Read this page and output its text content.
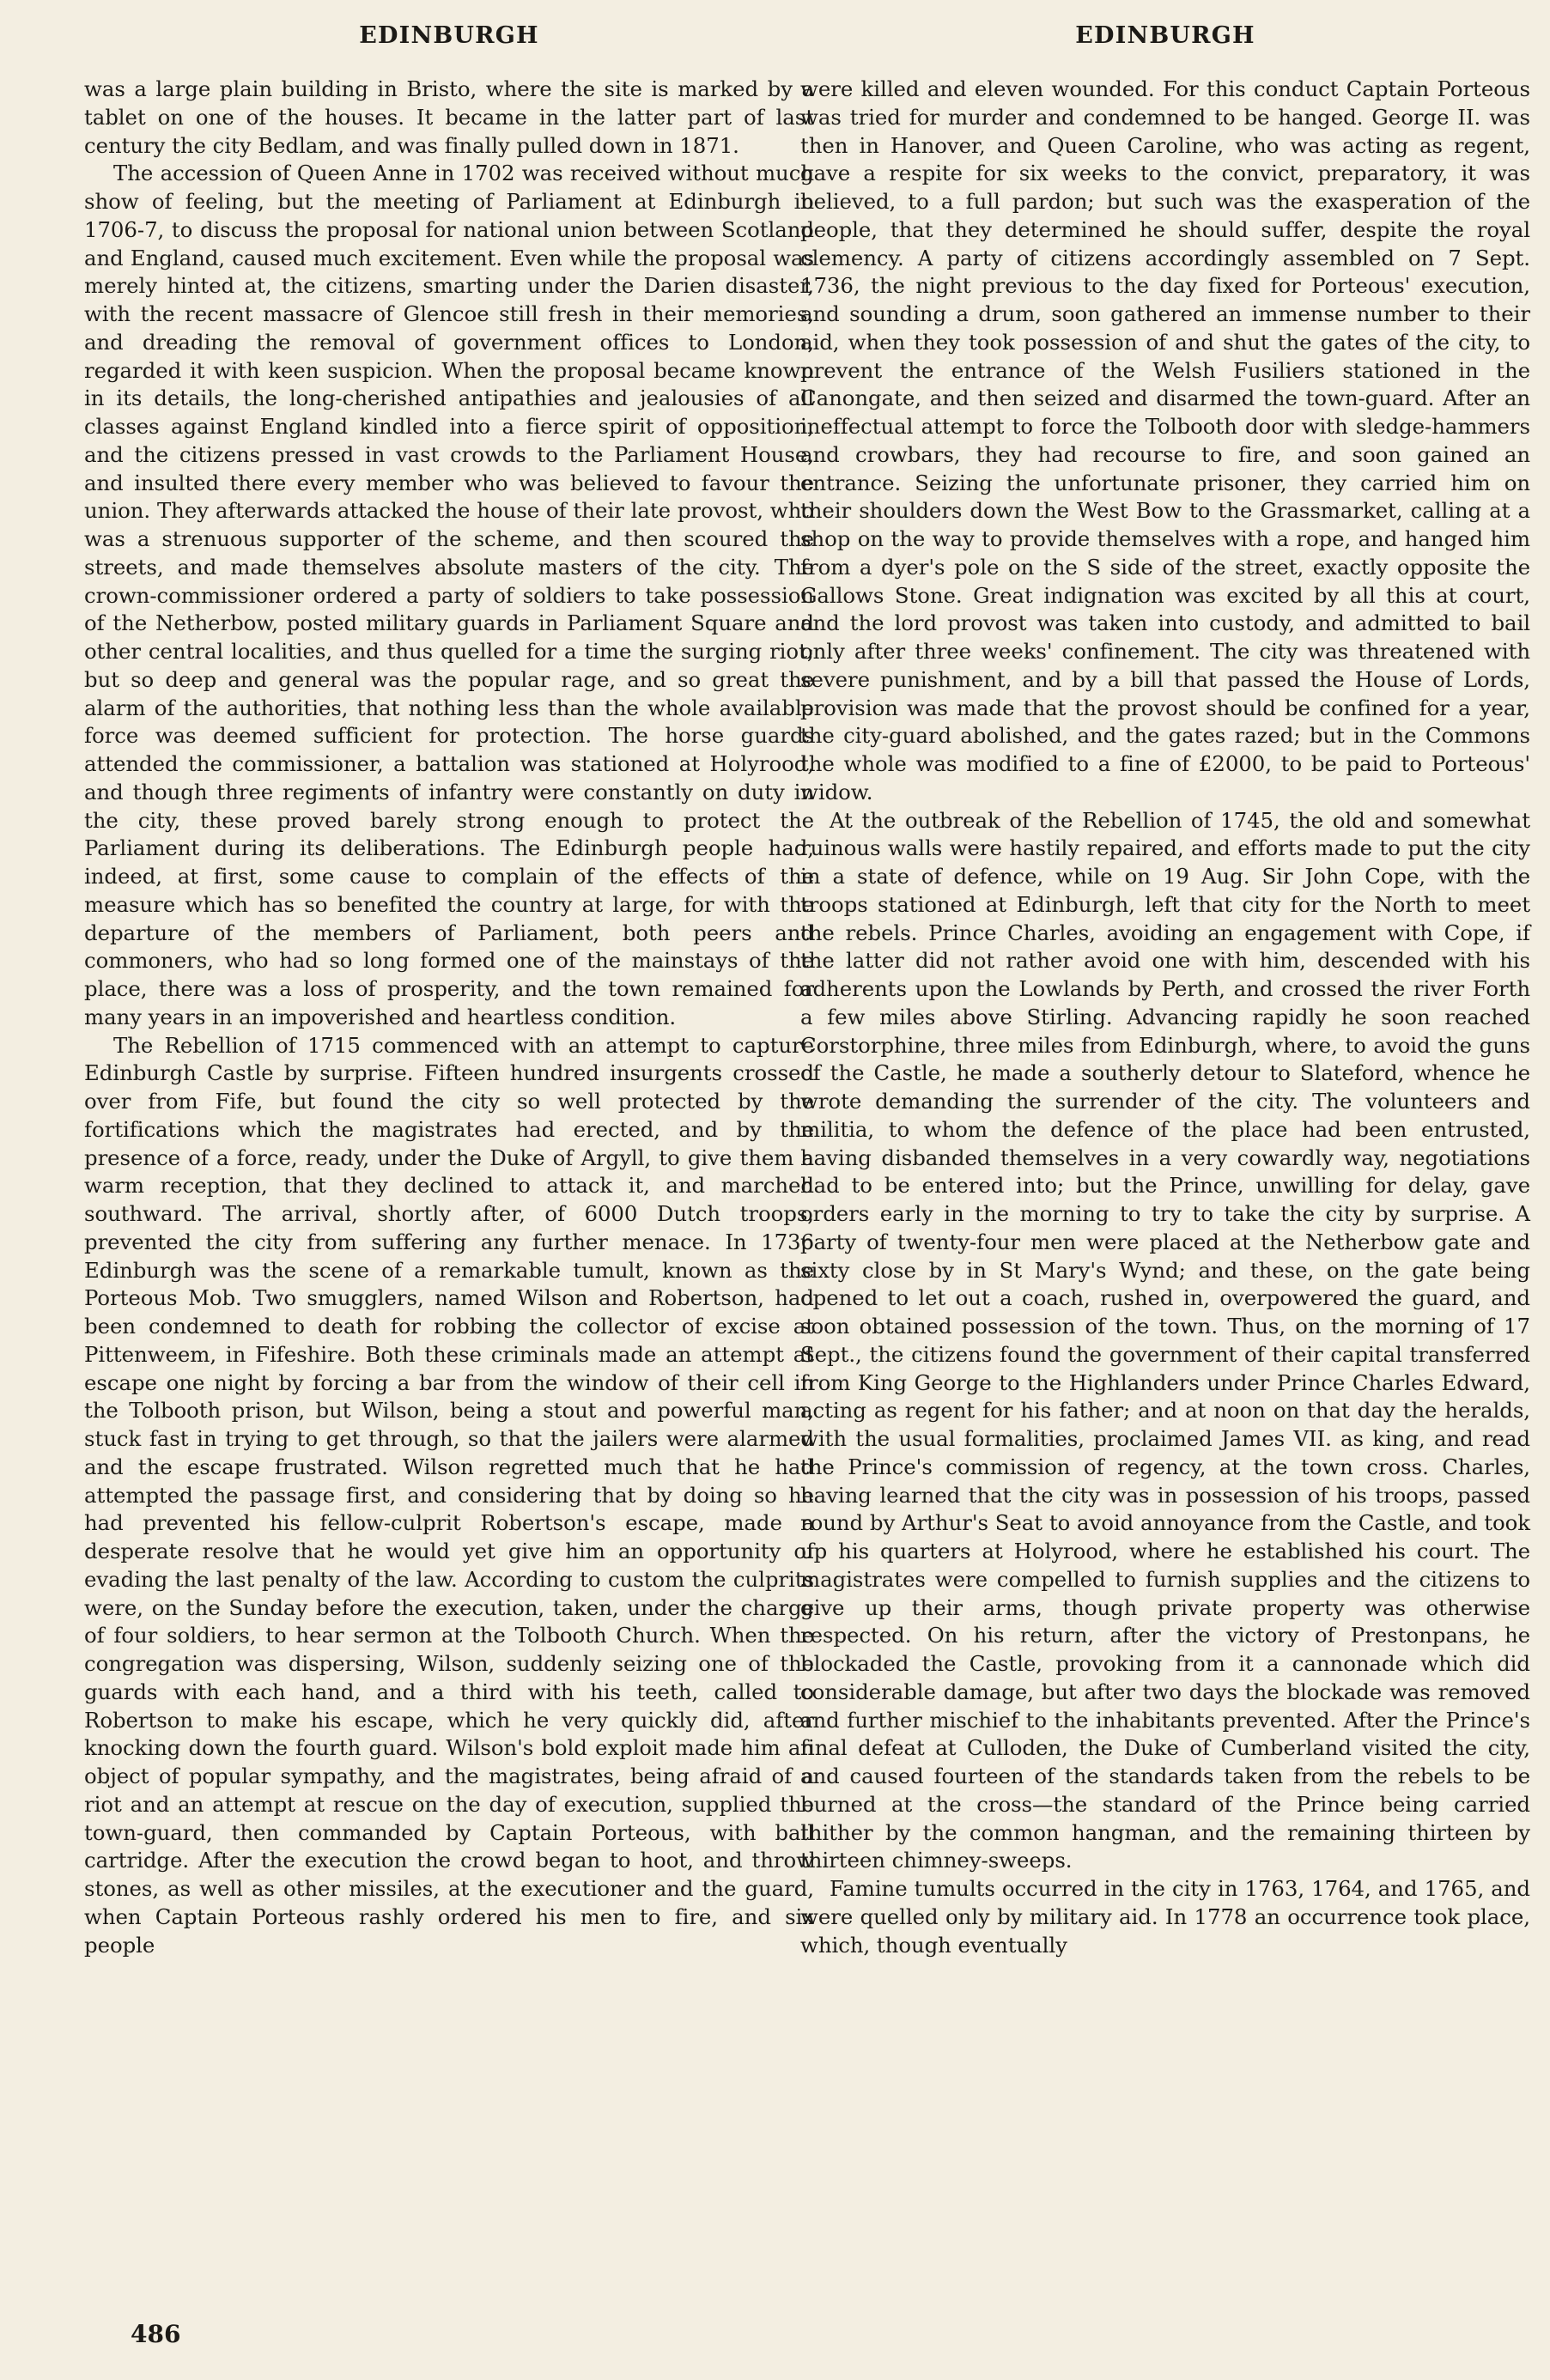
EDINBURGH	EDINBURGH

was a large plain building in Bristo, where the site is marked by a tablet on one of the houses. It became in the latter part of last century the city Bedlam, and was finally pulled down in 1871.

The accession of Queen Anne in 1702 was received without much show of feeling, but the meeting of Parliament at Edinburgh in 1706-7, to discuss the proposal for national union between Scotland and England, caused much excitement. Even while the proposal was merely hinted at, the citizens, smarting under the Darien disaster, with the recent massacre of Glencoe still fresh in their memories, and dreading the removal of government offices to London, regarded it with keen suspicion. When the proposal became known in its details, the long-cherished antipathies and jealousies of all classes against England kindled into a fierce spirit of opposition, and the citizens pressed in vast crowds to the Parliament House, and insulted there every member who was believed to favour the union. They afterwards attacked the house of their late provost, who was a strenuous supporter of the scheme, and then scoured the streets, and made themselves absolute masters of the city. The crown-commissioner ordered a party of soldiers to take possession of the Netherbow, posted military guards in Parliament Square and other central localities, and thus quelled for a time the surging riot; but so deep and general was the popular rage, and so great the alarm of the authorities, that nothing less than the whole available force was deemed sufficient for protection. The horse guards attended the commissioner, a battalion was stationed at Holyrood, and though three regiments of infantry were constantly on duty in the city, these proved barely strong enough to protect the Parliament during its deliberations. The Edinburgh people had, indeed, at first, some cause to complain of the effects of the measure which has so benefited the country at large, for with the departure of the members of Parliament, both peers and commoners, who had so long formed one of the mainstays of the place, there was a loss of prosperity, and the town remained for many years in an impoverished and heartless condition.

The Rebellion of 1715 commenced with an attempt to capture Edinburgh Castle by surprise. Fifteen hundred insurgents crossed over from Fife, but found the city so well protected by the fortifications which the magistrates had erected, and by the presence of a force, ready, under the Duke of Argyll, to give them a warm reception, that they declined to attack it, and marched southward. The arrival, shortly after, of 6000 Dutch troops, prevented the city from suffering any further menace. In 1736 Edinburgh was the scene of a remarkable tumult, known as the Porteous Mob. Two smugglers, named Wilson and Robertson, had been condemned to death for robbing the collector of excise at Pittenweem, in Fifeshire. Both these criminals made an attempt at escape one night by forcing a bar from the window of their cell in the Tolbooth prison, but Wilson, being a stout and powerful man, stuck fast in trying to get through, so that the jailers were alarmed and the escape frustrated. Wilson regretted much that he had attempted the passage first, and considering that by doing so he had prevented his fellow-culprit Robertson's escape, made a desperate resolve that he would yet give him an opportunity of evading the last penalty of the law. According to custom the culprits were, on the Sunday before the execution, taken, under the charge of four soldiers, to hear sermon at the Tolbooth Church. When the congregation was dispersing, Wilson, suddenly seizing one of the guards with each hand, and a third with his teeth, called to Robertson to make his escape, which he very quickly did, after knocking down the fourth guard. Wilson's bold exploit made him an object of popular sympathy, and the magistrates, being afraid of a riot and an attempt at rescue on the day of execution, supplied the town-guard, then commanded by Captain Porteous, with ball cartridge. After the execution the crowd began to hoot, and throw stones, as well as other missiles, at the executioner and the guard, when Captain Porteous rashly ordered his men to fire, and six people

were killed and eleven wounded. For this conduct Captain Porteous was tried for murder and condemned to be hanged. George II. was then in Hanover, and Queen Caroline, who was acting as regent, gave a respite for six weeks to the convict, preparatory, it was believed, to a full pardon; but such was the exasperation of the people, that they determined he should suffer, despite the royal clemency. A party of citizens accordingly assembled on 7 Sept. 1736, the night previous to the day fixed for Porteous' execution, and sounding a drum, soon gathered an immense number to their aid, when they took possession of and shut the gates of the city, to prevent the entrance of the Welsh Fusiliers stationed in the Canongate, and then seized and disarmed the town-guard. After an ineffectual attempt to force the Tolbooth door with sledge-hammers and crowbars, they had recourse to fire, and soon gained an entrance. Seizing the unfortunate prisoner, they carried him on their shoulders down the West Bow to the Grassmarket, calling at a shop on the way to provide themselves with a rope, and hanged him from a dyer's pole on the S side of the street, exactly opposite the Gallows Stone. Great indignation was excited by all this at court, and the lord provost was taken into custody, and admitted to bail only after three weeks' confinement. The city was threatened with severe punishment, and by a bill that passed the House of Lords, provision was made that the provost should be confined for a year, the city-guard abolished, and the gates razed; but in the Commons the whole was modified to a fine of £2000, to be paid to Porteous' widow.

At the outbreak of the Rebellion of 1745, the old and somewhat ruinous walls were hastily repaired, and efforts made to put the city in a state of defence, while on 19 Aug. Sir John Cope, with the troops stationed at Edinburgh, left that city for the North to meet the rebels. Prince Charles, avoiding an engagement with Cope, if the latter did not rather avoid one with him, descended with his adherents upon the Lowlands by Perth, and crossed the river Forth a few miles above Stirling. Advancing rapidly he soon reached Corstorphine, three miles from Edinburgh, where, to avoid the guns of the Castle, he made a southerly detour to Slateford, whence he wrote demanding the surrender of the city. The volunteers and militia, to whom the defence of the place had been entrusted, having disbanded themselves in a very cowardly way, negotiations had to be entered into; but the Prince, unwilling for delay, gave orders early in the morning to try to take the city by surprise. A party of twenty-four men were placed at the Netherbow gate and sixty close by in St Mary's Wynd; and these, on the gate being opened to let out a coach, rushed in, overpowered the guard, and soon obtained possession of the town. Thus, on the morning of 17 Sept., the citizens found the government of their capital transferred from King George to the Highlanders under Prince Charles Edward, acting as regent for his father; and at noon on that day the heralds, with the usual formalities, proclaimed James VII. as king, and read the Prince's commission of regency, at the town cross. Charles, having learned that the city was in possession of his troops, passed round by Arthur's Seat to avoid annoyance from the Castle, and took up his quarters at Holyrood, where he established his court. The magistrates were compelled to furnish supplies and the citizens to give up their arms, though private property was otherwise respected. On his return, after the victory of Prestonpans, he blockaded the Castle, provoking from it a cannonade which did considerable damage, but after two days the blockade was removed and further mischief to the inhabitants prevented. After the Prince's final defeat at Culloden, the Duke of Cumberland visited the city, and caused fourteen of the standards taken from the rebels to be burned at the cross—the standard of the Prince being carried thither by the common hangman, and the remaining thirteen by thirteen chimney-sweeps.

Famine tumults occurred in the city in 1763, 1764, and 1765, and were quelled only by military aid. In 1778 an occurrence took place, which, though eventually

486
